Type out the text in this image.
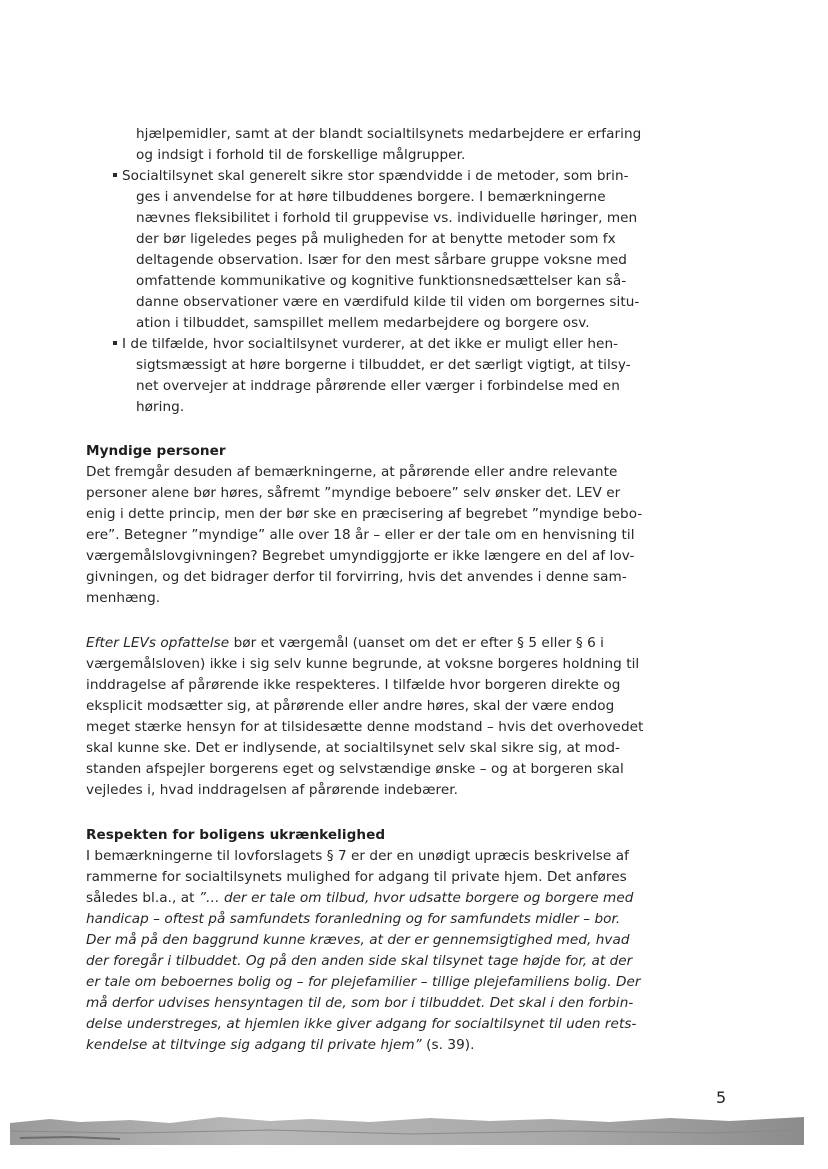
hjælpemidler, samt at der blandt socialtilsynets medarbejdere er erfaring
og indsigt i forhold til de forskellige målgrupper.
Socialtilsynet skal generelt sikre stor spændvidde i de metoder, som brin-
ges i anvendelse for at høre tilbuddenes borgere. I bemærkningerne
nævnes fleksibilitet i forhold til gruppevise vs. individuelle høringer, men
der bør ligeledes peges på muligheden for at benytte metoder som fx
deltagende observation. Især for den mest sårbare gruppe voksne med
omfattende kommunikative og kognitive funktionsnedsættelser kan så-
danne observationer være en værdifuld kilde til viden om borgernes situ-
ation i tilbuddet, samspillet mellem medarbejdere og borgere osv.
I de tilfælde, hvor socialtilsynet vurderer, at det ikke er muligt eller hen-
sigtsmæssigt at høre borgerne i tilbuddet, er det særligt vigtigt, at tilsy-
net overvejer at inddrage pårørende eller værger i forbindelse med en
høring.
Myndige personer
Det fremgår desuden af bemærkningerne, at pårørende eller andre relevante
personer alene bør høres, såfremt ”myndige beboere” selv ønsker det. LEV er
enig i dette princip, men der bør ske en præcisering af begrebet ”myndige bebo-
ere”. Betegner ”myndige” alle over 18 år – eller er der tale om en henvisning til
værgemålslovgivningen? Begrebet umyndiggjorte er ikke længere en del af lov-
givningen, og det bidrager derfor til forvirring, hvis det anvendes i denne sam-
menhæng.
Efter LEVs opfattelse bør et værgemål (uanset om det er efter § 5 eller § 6 i
værgemålsloven) ikke i sig selv kunne begrunde, at voksne borgeres holdning til
inddragelse af pårørende ikke respekteres. I tilfælde hvor borgeren direkte og
eksplicit modsætter sig, at pårørende eller andre høres, skal der være endog
meget stærke hensyn for at tilsidesætte denne modstand – hvis det overhovedet
skal kunne ske. Det er indlysende, at socialtilsynet selv skal sikre sig, at mod-
standen afspejler borgerens eget og selvstændige ønske – og at borgeren skal
vejledes i, hvad inddragelsen af pårørende indebærer.
Respekten for boligens ukrænkelighed
I bemærkningerne til lovforslagets § 7 er der en unødigt upræcis beskrivelse af
rammerne for socialtilsynets mulighed for adgang til private hjem. Det anføres
således bl.a., at ”… der er tale om tilbud, hvor udsatte borgere og borgere med
handicap – oftest på samfundets foranledning og for samfundets midler – bor.
Der må på den baggrund kunne kræves, at der er gennemsigtighed med, hvad
der foregår i tilbuddet. Og på den anden side skal tilsynet tage højde for, at der
er tale om beboernes bolig og – for plejefamilier – tillige plejefamiliens bolig. Der
må derfor udvises hensyntagen til de, som bor i tilbuddet. Det skal i den forbin-
delse understreges, at hjemlen ikke giver adgang for socialtilsynet til uden rets-
kendelse at tiltvinge sig adgang til private hjem” (s. 39).
5
